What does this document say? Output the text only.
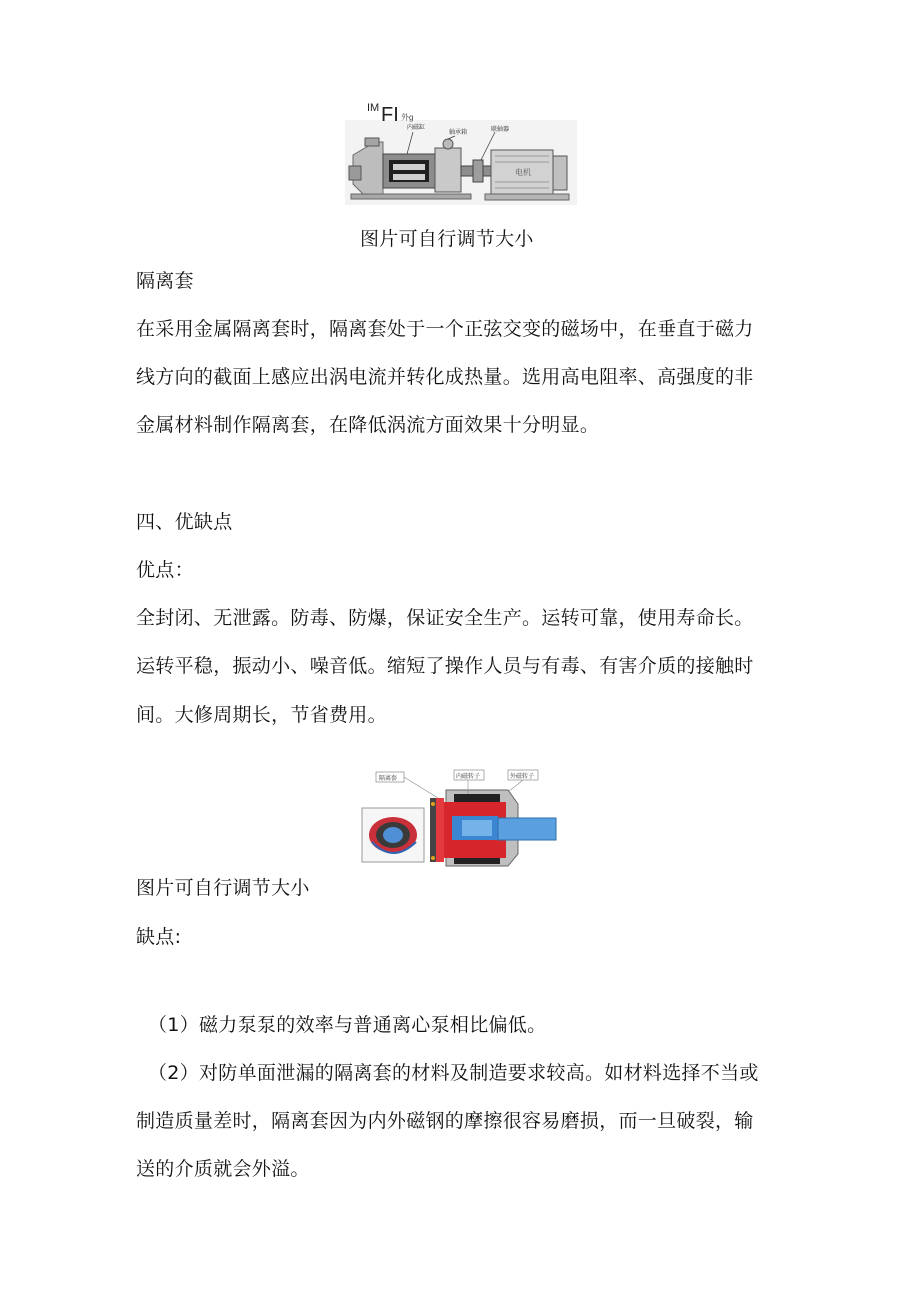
内磁缸
轴承箱	联轴器
电机
IM FI 外g
图片可自行调节大小
隔离套
在采用金属隔离套时，隔离套处于一个正弦交变的磁场中，在垂直于磁力
线方向的截面上感应出涡电流并转化成热量。选用高电阻率、高强度的非
金属材料制作隔离套，在降低涡流方面效果十分明显。
四、优缺点
优点：
全封闭、无泄露。防毒、防爆，保证安全生产。运转可靠，使用寿命长。
运转平稳，振动小、噪音低。缩短了操作人员与有毒、有害介质的接触时
间。大修周期长，节省费用。
隔离套	内磁转子	外磁转子
图片可自行调节大小
缺点:
（1）磁力泵泵的效率与普通离心泵相比偏低。
（2）对防单面泄漏的隔离套的材料及制造要求较高。如材料选择不当或
制造质量差时，隔离套因为内外磁钢的摩擦很容易磨损，而一旦破裂，输
送的介质就会外溢。
